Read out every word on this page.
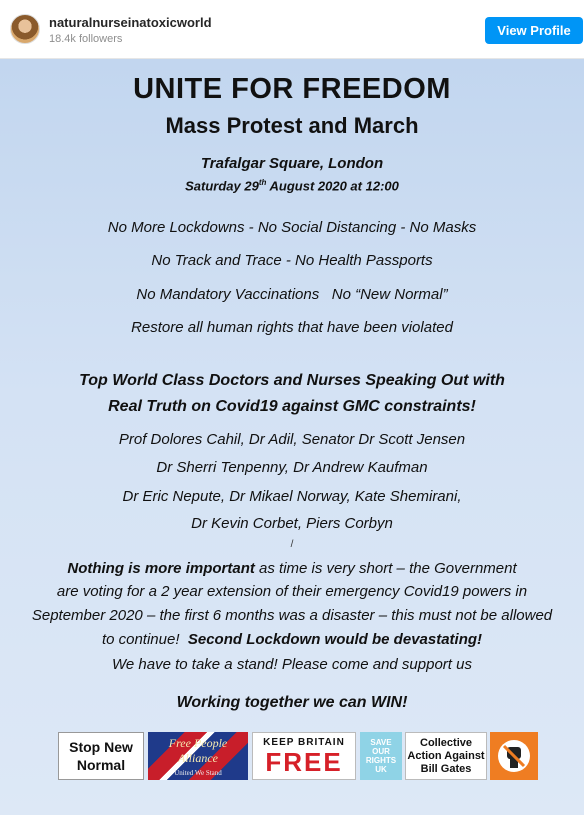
naturalnurseinatoxicworld
18.4k followers
View Profile
UNITE FOR FREEDOM
Mass Protest and March
Trafalgar Square, London
Saturday 29th August 2020 at 12:00
No More Lockdowns - No Social Distancing - No Masks
No Track and Trace - No Health Passports
No Mandatory Vaccinations   No “New Normal”
Restore all human rights that have been violated
Top World Class Doctors and Nurses Speaking Out with
Real Truth on Covid19 against GMC constraints!
Prof Dolores Cahil, Dr Adil, Senator Dr Scott Jensen
Dr Sherri Tenpenny, Dr Andrew Kaufman
Dr Eric Nepute, Dr Mikael Norway, Kate Shemirani,
Dr Kevin Corbet, Piers Corbyn
/
Nothing is more important as time is very short – the Government
are voting for a 2 year extension of their emergency Covid19 powers in
September 2020 – the first 6 months was a disaster – this must not be allowed
to continue!  Second Lockdown would be devastating!
We have to take a stand! Please come and support us
Working together we can WIN!
Stop New
Normal
Free People Alliance
United We Stand
KEEP BRITAIN
FREE
SAVE
OUR
RIGHTS
UK
Collective Action Against Bill Gates
